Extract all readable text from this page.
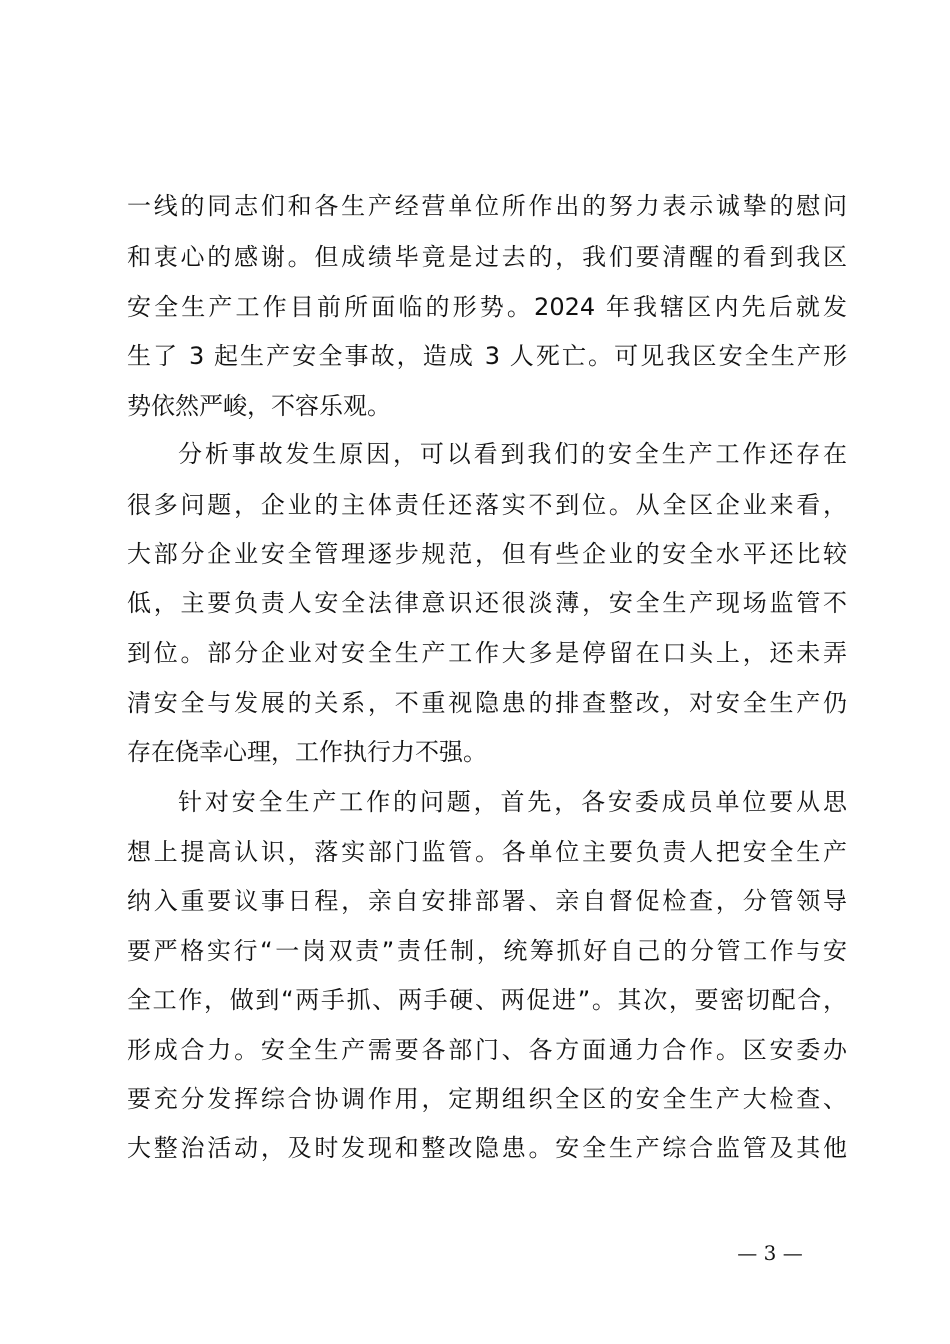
一线的同志们和各生产经营单位所作出的努力表示诚挚的慰问
和衷心的感谢。但成绩毕竟是过去的，我们要清醒的看到我区
安全生产工作目前所面临的形势。2024 年我辖区内先后就发
生了 3 起生产安全事故，造成 3 人死亡。可见我区安全生产形
势依然严峻，不容乐观。
分析事故发生原因，可以看到我们的安全生产工作还存在
很多问题，企业的主体责任还落实不到位。从全区企业来看，
大部分企业安全管理逐步规范，但有些企业的安全水平还比较
低，主要负责人安全法律意识还很淡薄，安全生产现场监管不
到位。部分企业对安全生产工作大多是停留在口头上，还未弄
清安全与发展的关系，不重视隐患的排查整改，对安全生产仍
存在侥幸心理，工作执行力不强。
针对安全生产工作的问题，首先，各安委成员单位要从思
想上提高认识，落实部门监管。各单位主要负责人把安全生产
纳入重要议事日程，亲自安排部署、亲自督促检查，分管领导
要严格实行“一岗双责”责任制，统筹抓好自己的分管工作与安
全工作，做到“两手抓、两手硬、两促进”。其次，要密切配合，
形成合力。安全生产需要各部门、各方面通力合作。区安委办
要充分发挥综合协调作用，定期组织全区的安全生产大检查、
大整治活动，及时发现和整改隐患。安全生产综合监管及其他
— 3 —
